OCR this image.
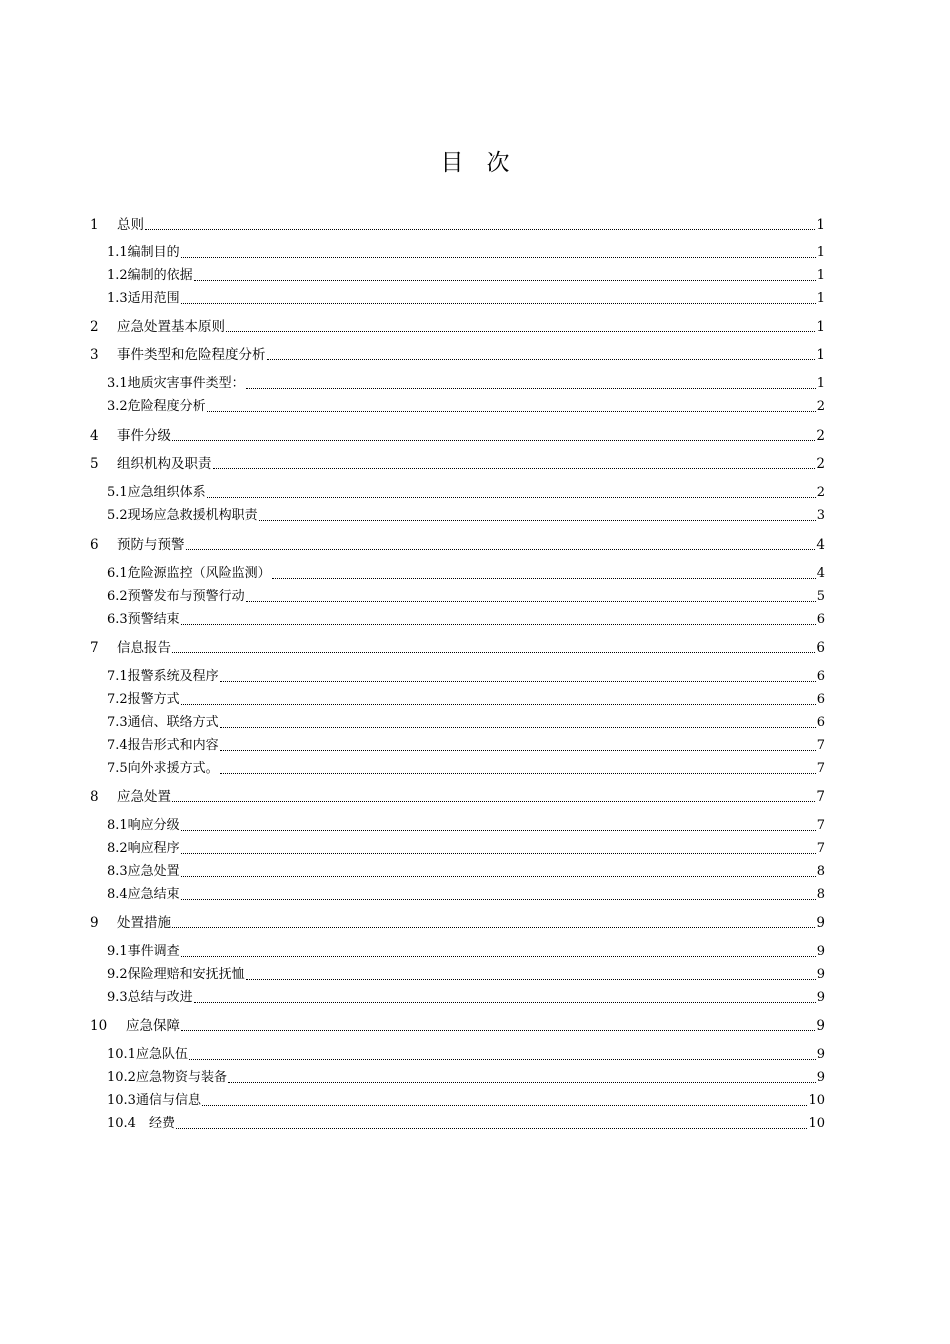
目　次
1 总则	1
1.1编制目的	1
1.2编制的依据	1
1.3适用范围	1
2 应急处置基本原则	1
3 事件类型和危险程度分析	1
3.1地质灾害事件类型：	1
3.2危险程度分析	2
4 事件分级	2
5 组织机构及职责	2
5.1应急组织体系	2
5.2现场应急救援机构职责	3
6 预防与预警	4
6.1危险源监控（风险监测）	4
6.2预警发布与预警行动	5
6.3预警结束	6
7 信息报告	6
7.1报警系统及程序	6
7.2报警方式	6
7.3通信、联络方式	6
7.4报告形式和内容	7
7.5向外求援方式。	7
8 应急处置	7
8.1响应分级	7
8.2响应程序	7
8.3应急处置	8
8.4应急结束	8
9 处置措施	9
9.1事件调查	9
9.2保险理赔和安抚抚恤	9
9.3总结与改进	9
10 应急保障	9
10.1应急队伍	9
10.2应急物资与装备	9
10.3通信与信息	10
10.4　经费	10
